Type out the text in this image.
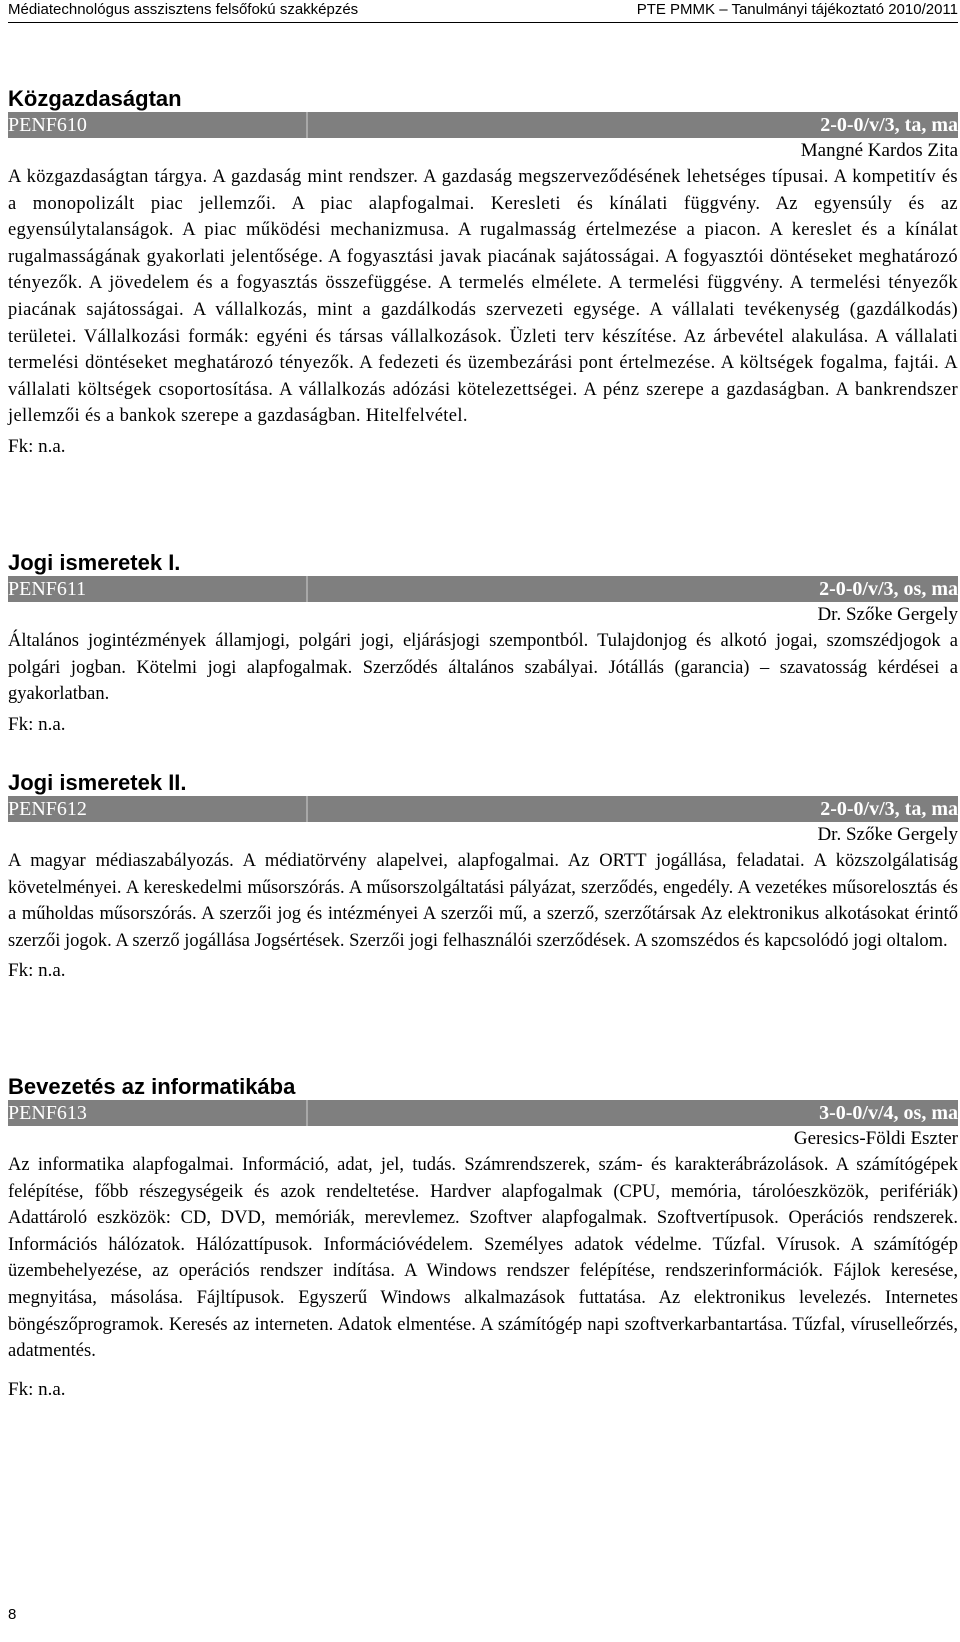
Médiatechnológus asszisztens felsőfokú szakképzés	PTE PMMK – Tanulmányi tájékoztató 2010/2011
Közgazdaságtan
PENF610	2-0-0/v/3, ta, ma
Mangné Kardos Zita

A közgazdaságtan tárgya. A gazdaság mint rendszer. A gazdaság megszerveződésének lehetséges típusai. A kompetitív és a monopolizált piac jellemzői. A piac alapfogalmai. Keresleti és kínálati függvény. Az egyensúly és az egyensúlytalanságok. A piac működési mechanizmusa. A rugalmasság értelmezése a piacon. A kereslet és a kínálat rugalmasságának gyakorlati jelentősége. A fogyasztási javak piacának sajátosságai. A fogyasztói döntéseket meghatározó tényezők. A jövedelem és a fogyasztás összefüggése. A termelés elmélete. A termelési függvény. A termelési tényezők piacának sajátosságai. A vállalkozás, mint a gazdálkodás szervezeti egysége. A vállalati tevékenység (gazdálkodás) területei. Vállalkozási formák: egyéni és társas vállalkozások. Üzleti terv készítése. Az árbevétel alakulása. A vállalati termelési döntéseket meghatározó tényezők. A fedezeti és üzembezárási pont értelmezése. A költségek fogalma, fajtái. A vállalati költségek csoportosítása. A vállalkozás adózási kötelezettségei. A pénz szerepe a gazdaságban. A bankrendszer jellemzői és a bankok szerepe a gazdaságban. Hitelfelvétel.

Fk: n.a.
Jogi ismeretek I.
PENF611	2-0-0/v/3, os, ma
Dr. Szőke Gergely

Általános jogintézmények államjogi, polgári jogi, eljárásjogi szempontból. Tulajdonjog és alkotó jogai, szomszédjogok a polgári jogban. Kötelmi jogi alapfogalmak. Szerződés általános szabályai. Jótállás (garancia) – szavatosság kérdései a gyakorlatban.

Fk: n.a.
Jogi ismeretek II.
PENF612	2-0-0/v/3, ta, ma
Dr. Szőke Gergely

A magyar médiaszabályozás. A médiatörvény alapelvei, alapfogalmai. Az ORTT jogállása, feladatai. A közszolgálatiság követelményei. A kereskedelmi műsorszórás. A műsorszolgáltatási pályázat, szerződés, engedély. A vezetékes műsorelosztás és a műholdas műsorszórás. A szerzői jog és intézményei A szerzői mű, a szerző, szerzőtársak Az elektronikus alkotásokat érintő szerzői jogok. A szerző jogállása Jogsértések. Szerzői jogi felhasználói szerződések. A szomszédos és kapcsolódó jogi oltalom.

Fk: n.a.
Bevezetés az informatikába
PENF613	3-0-0/v/4, os, ma
Geresics-Földi Eszter

Az informatika alapfogalmai. Információ, adat, jel, tudás. Számrendszerek, szám- és karakterábrázolások. A számítógépek felépítése, főbb részegységeik és azok rendeltetése. Hardver alapfogalmak (CPU, memória, tárolóeszközök, perifériák) Adattároló eszközök: CD, DVD, memóriák, merevlemez. Szoftver alapfogalmak. Szoftvertípusok. Operációs rendszerek. Információs hálózatok. Hálózattípusok. Információvédelem. Személyes adatok védelme. Tűzfal. Vírusok. A számítógép üzembehelyezése, az operációs rendszer indítása. A Windows rendszer felépítése, rendszerinformációk. Fájlok keresése, megnyitása, másolása. Fájltípusok. Egyszerű Windows alkalmazások futtatása. Az elektronikus levelezés. Internetes böngészőprogramok. Keresés az interneten. Adatok elmentése. A számítógép napi szoftverkarbantartása. Tűzfal, víruselleőrzés, adatmentés.

Fk: n.a.
8
